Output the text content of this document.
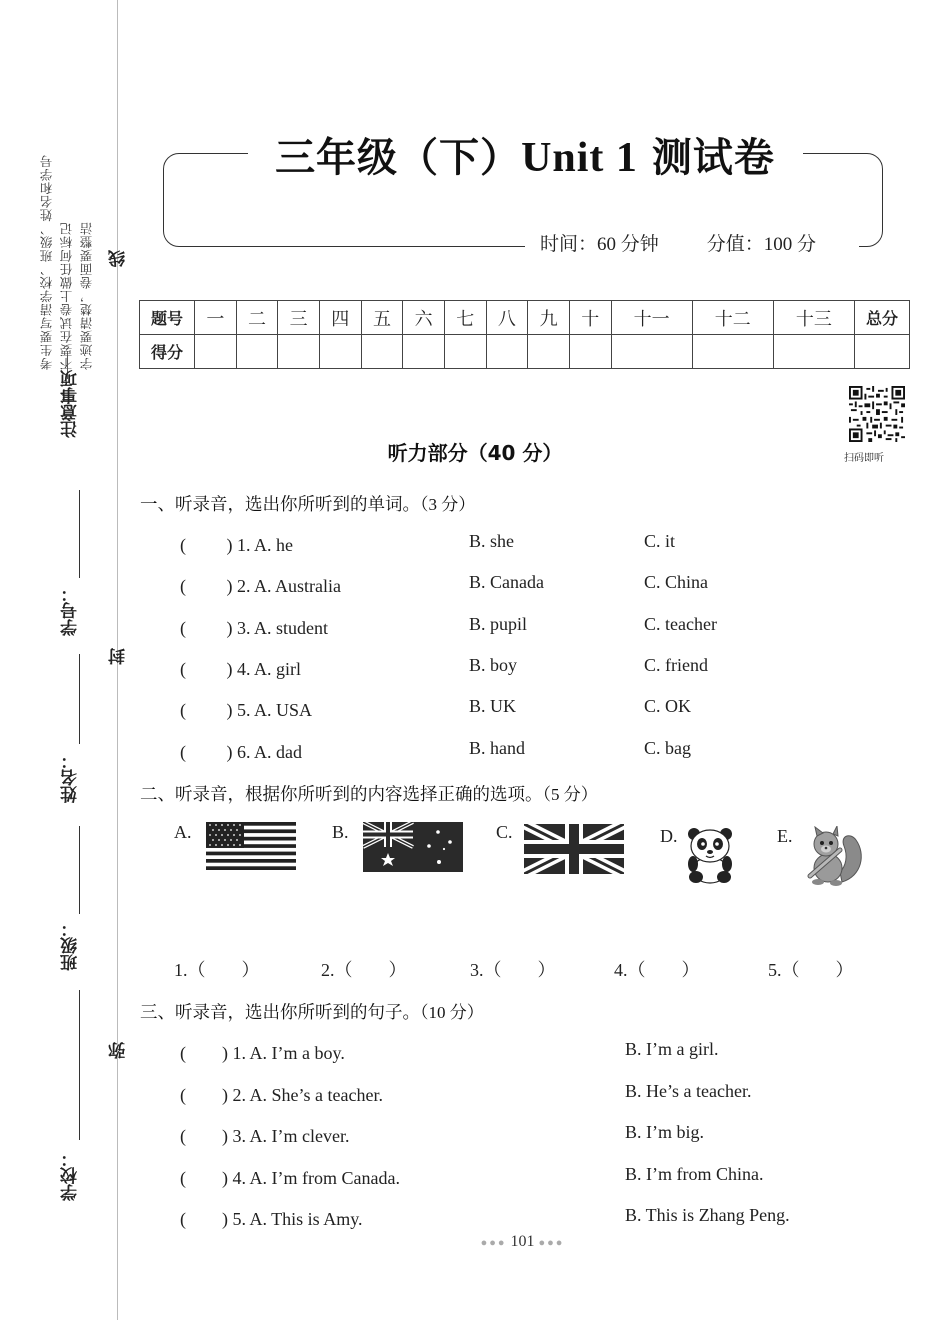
考生要写清学校、班级、姓名和学号 不要在试卷上做任何标记 字迹要清楚，卷面要整洁
注意事项
线
封
弥
学号：
姓名：
班级：
学校：
三年级（下）Unit 1 测试卷
时间：60 分钟	分值：100 分
题号	一	二	三	四	五	六	七	八	九	十	十一	十二	十三	总分
得分														
扫码即听
听力部分（40 分）
一、听录音，选出你所听到的单词。（3 分）
(　　 ) 1. A. he	B. she	C. it
(　　 ) 2. A. Australia	B. Canada	C. China
(　　 ) 3. A. student	B. pupil	C. teacher
(　　 ) 4. A. girl	B. boy	C. friend
(　　 ) 5. A. USA	B. UK	C. OK
(　　 ) 6. A. dad	B. hand	C. bag
二、听录音，根据你所听到的内容选择正确的选项。（5 分）
A.	B.	C.	D.	E.
1.（　　）	2.（　　）	3.（　　）	4.（　　）	5.（　　）
三、听录音，选出你所听到的句子。（10 分）
(　　) 1. A. I’m a boy.	B. I’m a girl.
(　　) 2. A. She’s a teacher.	B. He’s a teacher.
(　　) 3. A. I’m clever.	B. I’m big.
(　　) 4. A. I’m from Canada.	B. I’m from China.
(　　) 5. A. This is Amy.	B. This is Zhang Peng.
●●● 101 ●●●
